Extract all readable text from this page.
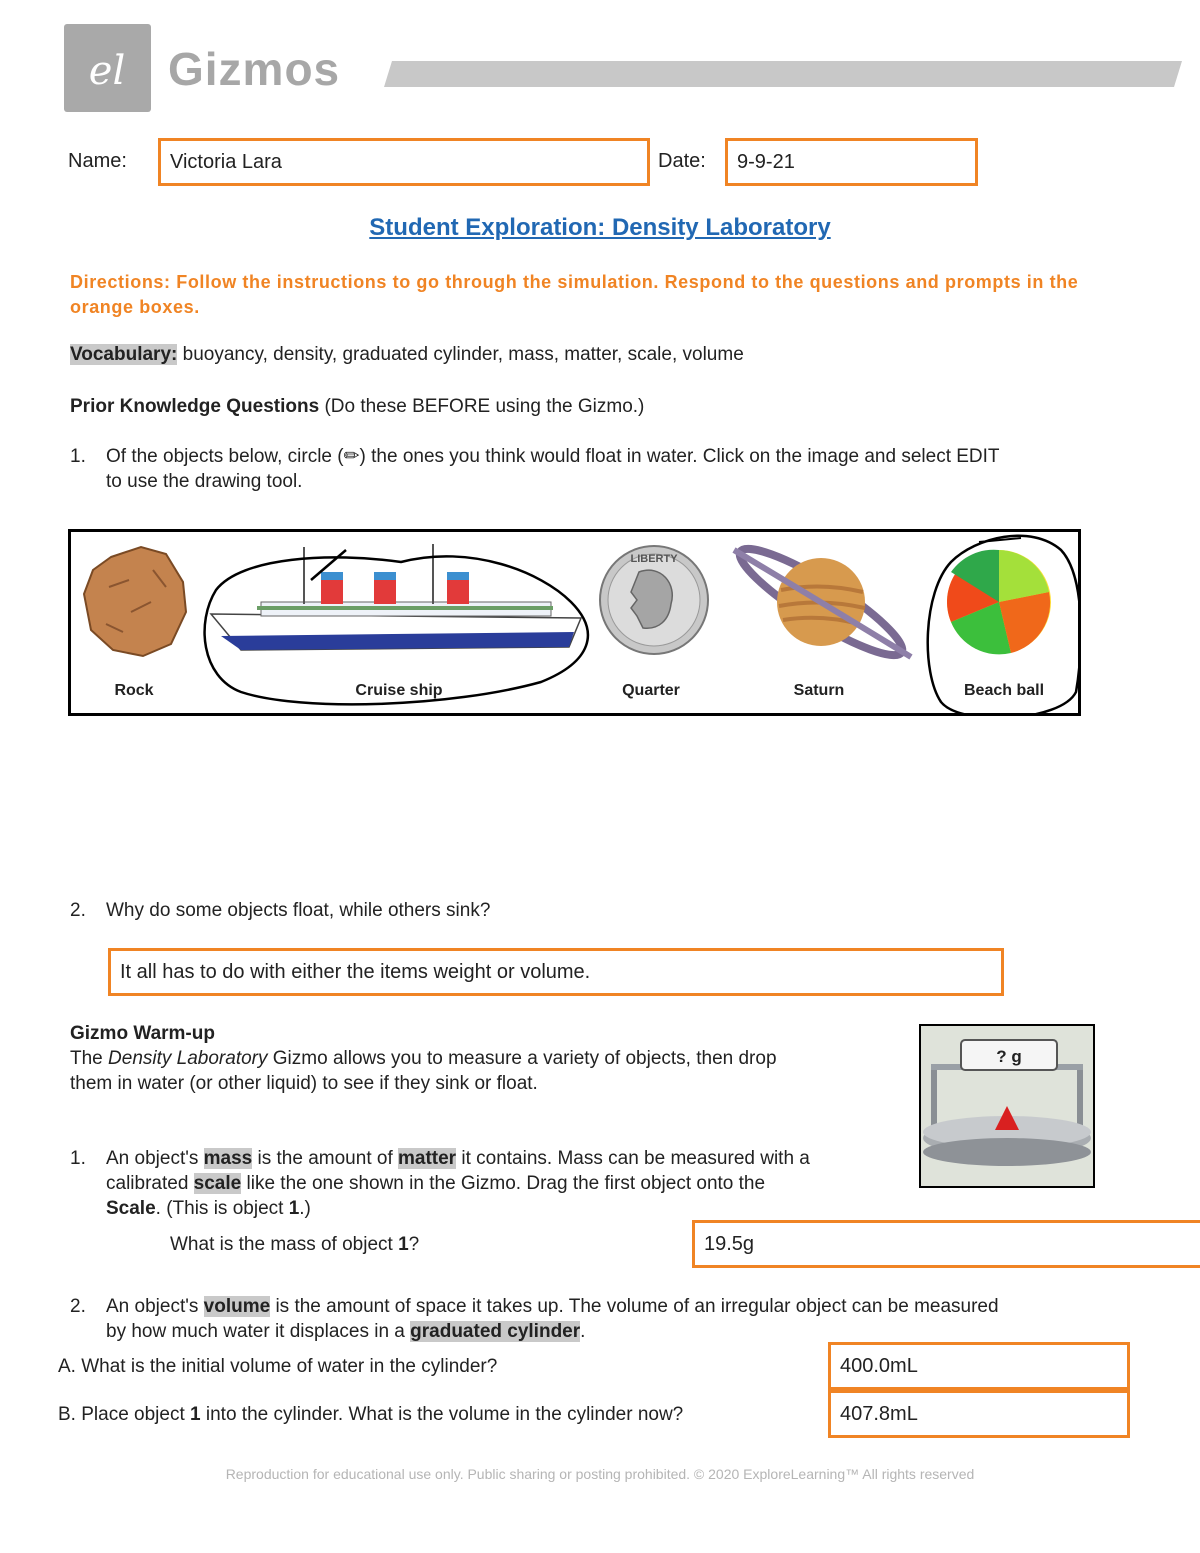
el Gizmos
Name: Victoria Lara	Date: 9-9-21
Student Exploration: Density Laboratory
Directions: Follow the instructions to go through the simulation. Respond to the questions and prompts in the orange boxes.
Vocabulary: buoyancy, density, graduated cylinder, mass, matter, scale, volume
Prior Knowledge Questions (Do these BEFORE using the Gizmo.)
1. Of the objects below, circle (✏) the ones you think would float in water. Click on the image and select EDIT
to use the drawing tool.
LIBERTY
Rock	Cruise ship	Quarter	Saturn	Beach ball
2. Why do some objects float, while others sink?
It all has to do with either the items weight or volume.
Gizmo Warm-up
The Density Laboratory Gizmo allows you to measure a variety of objects, then drop
them in water (or other liquid) to see if they sink or float.
? g
1. An object's mass is the amount of matter it contains. Mass can be measured with a
calibrated scale like the one shown in the Gizmo. Drag the first object onto the
Scale. (This is object 1.)
What is the mass of object 1?	19.5g
2. An object's volume is the amount of space it takes up. The volume of an irregular object can be measured
by how much water it displaces in a graduated cylinder.
A. What is the initial volume of water in the cylinder?	400.0mL
B. Place object 1 into the cylinder. What is the volume in the cylinder now?	407.8mL
Reproduction for educational use only. Public sharing or posting prohibited. © 2020 ExploreLearning™ All rights reserved
